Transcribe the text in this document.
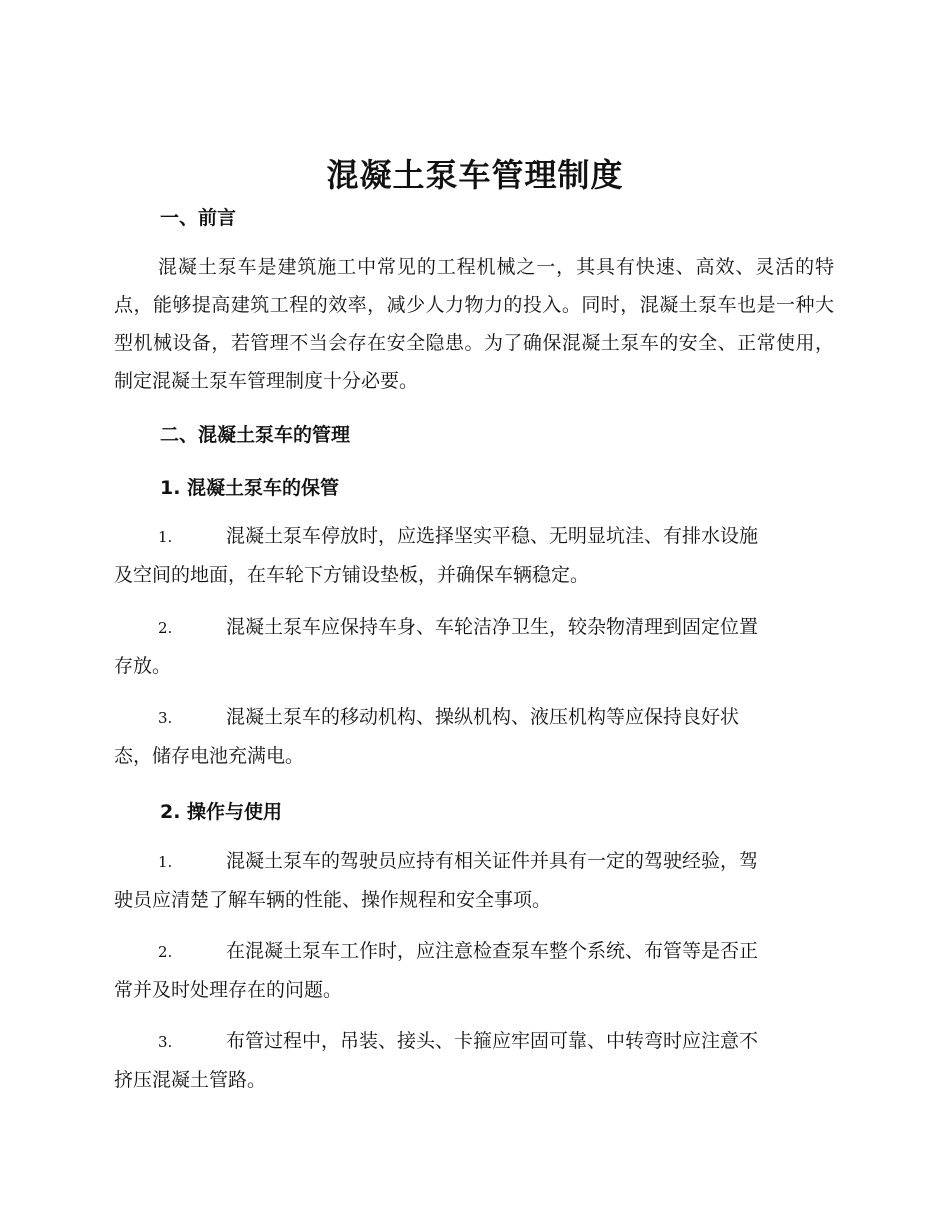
混凝土泵车管理制度
一、前言

混凝土泵车是建筑施工中常见的工程机械之一，其具有快速、高效、灵活的特点，能够提高建筑工程的效率，减少人力物力的投入。同时，混凝土泵车也是一种大型机械设备，若管理不当会存在安全隐患。为了确保混凝土泵车的安全、正常使用，制定混凝土泵车管理制度十分必要。

二、混凝土泵车的管理
1. 混凝土泵车的保管
1.	混凝土泵车停放时，应选择坚实平稳、无明显坑洼、有排水设施
及空间的地面，在车轮下方铺设垫板，并确保车辆稳定。
2.	混凝土泵车应保持车身、车轮洁净卫生，较杂物清理到固定位置
存放。
3.	混凝土泵车的移动机构、操纵机构、液压机构等应保持良好状
态，储存电池充满电。
2. 操作与使用
1.	混凝土泵车的驾驶员应持有相关证件并具有一定的驾驶经验，驾
驶员应清楚了解车辆的性能、操作规程和安全事项。
2.	在混凝土泵车工作时，应注意检查泵车整个系统、布管等是否正
常并及时处理存在的问题。
3.	布管过程中，吊装、接头、卡箍应牢固可靠、中转弯时应注意不
挤压混凝土管路。
